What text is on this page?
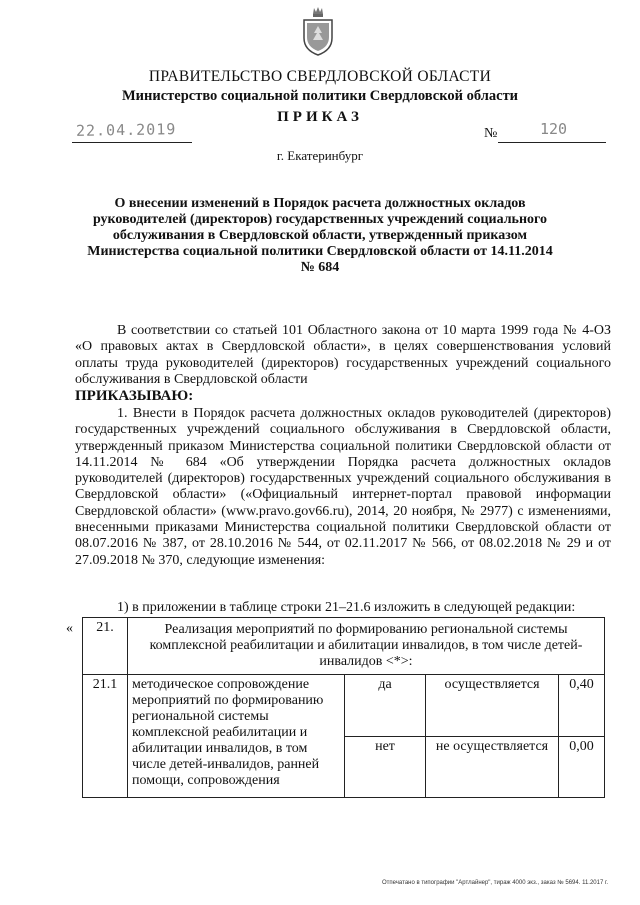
ПРАВИТЕЛЬСТВО СВЕРДЛОВСКОЙ ОБЛАСТИ
Министерство социальной политики Свердловской области
ПРИКАЗ
22.04.2019	№	120
г. Екатеринбург
О внесении изменений в Порядок расчета должностных окладов руководителей (директоров) государственных учреждений социального обслуживания в Свердловской области, утвержденный приказом Министерства социальной политики Свердловской области от 14.11.2014 № 684
В соответствии со статьей 101 Областного закона от 10 марта 1999 года № 4-ОЗ «О правовых актах в Свердловской области», в целях совершенствования условий оплаты труда руководителей (директоров) государственных учреждений социального обслуживания в Свердловской области
ПРИКАЗЫВАЮ:
1. Внести в Порядок расчета должностных окладов руководителей (директоров) государственных учреждений социального обслуживания в Свердловской области, утвержденный приказом Министерства социальной политики Свердловской области от 14.11.2014 № 684 «Об утверждении Порядка расчета должностных окладов руководителей (директоров) государственных учреждений социального обслуживания в Свердловской области» («Официальный интернет-портал правовой информации Свердловской области» (www.pravo.gov66.ru), 2014, 20 ноября, № 2977) с изменениями, внесенными приказами Министерства социальной политики Свердловской области от 08.07.2016 № 387, от 28.10.2016 № 544, от 02.11.2017 № 566, от 08.02.2018 № 29 и от 27.09.2018 № 370, следующие изменения:
1) в приложении в таблице строки 21–21.6 изложить в следующей редакции:
« 21.	Реализация мероприятий по формированию региональной системы комплексной реабилитации и абилитации инвалидов, в том числе детей-инвалидов <*>:			
21.1	методическое сопровождение мероприятий по формированию региональной системы комплексной реабилитации и абилитации инвалидов, в том числе детей-инвалидов, ранней помощи, сопровождения	да	осуществляется	0,40
		нет	не осуществляется	0,00
Отпечатано в типографии "Артлайнер", тираж 4000 экз., заказ № 5694. 11.2017 г.
